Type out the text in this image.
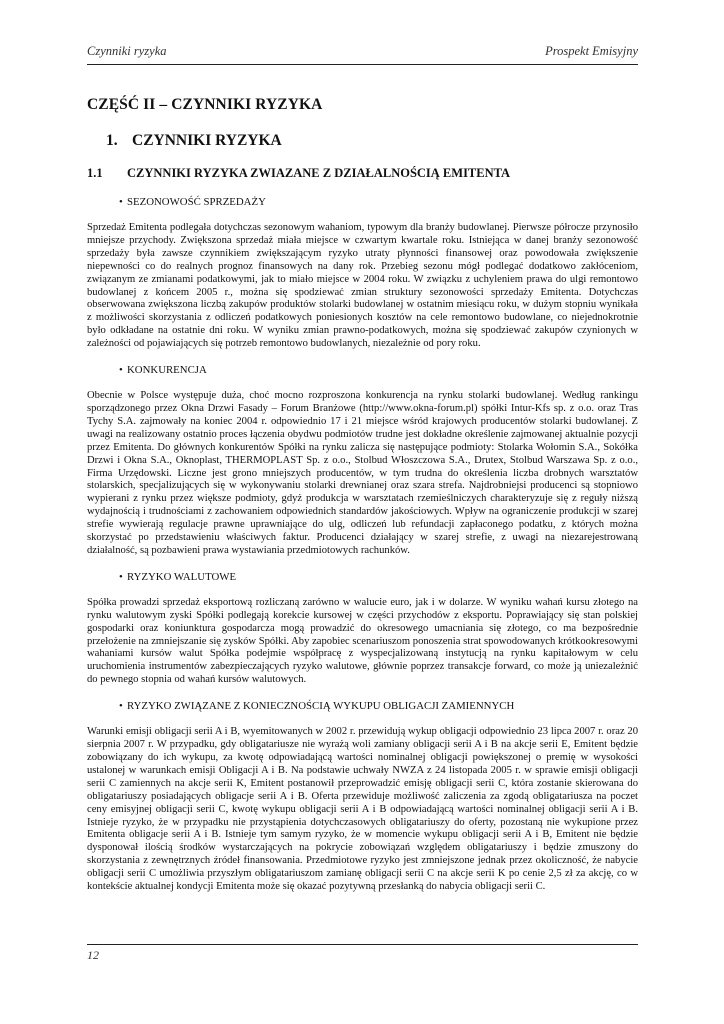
Czynniki ryzyka	Prospekt Emisyjny
CZĘŚĆ II – CZYNNIKI RYZYKA
1. CZYNNIKI RYZYKA
1.1 CZYNNIKI RYZYKA ZWIAZANE Z DZIAŁALNOŚCIĄ EMITENTA
• SEZONOWOŚĆ SPRZEDAŻY

Sprzedaż Emitenta podlegała dotychczas sezonowym wahaniom, typowym dla branży budowlanej. Pierwsze półrocze przynosiło mniejsze przychody. Zwiększona sprzedaż miała miejsce w czwartym kwartale roku. Istniejąca w danej branży sezonowość sprzedaży była zawsze czynnikiem zwiększającym ryzyko utraty płynności finansowej oraz powodowała zwiększenie niepewności co do realnych prognoz finansowych na dany rok. Przebieg sezonu mógł podlegać dodatkowo zakłóceniom, związanym ze zmianami podatkowymi, jak to miało miejsce w 2004 roku. W związku z uchyleniem prawa do ulgi remontowo budowlanej z końcem 2005 r., można się spodziewać zmian struktury sezonowości sprzedaży Emitenta. Dotychczas obserwowana zwiększona liczbą zakupów produktów stolarki budowlanej w ostatnim miesiącu roku, w dużym stopniu wynikała z możliwości skorzystania z odliczeń podatkowych poniesionych kosztów na cele remontowo budowlane, co niejednokrotnie było odkładane na ostatnie dni roku. W wyniku zmian prawno-podatkowych, można się spodziewać zakupów czynionych w zależności od pojawiających się potrzeb remontowo budowlanych, niezależnie od pory roku.

• KONKURENCJA

Obecnie w Polsce występuje duża, choć mocno rozproszona konkurencja na rynku stolarki budowlanej. Według rankingu sporządzonego przez Okna Drzwi Fasady – Forum Branżowe (http://www.okna-forum.pl) spółki Intur-Kfs sp. z o.o. oraz Tras Tychy S.A. zajmowały na koniec 2004 r. odpowiednio 17 i 21 miejsce wśród krajowych producentów stolarki budowlanej. Z uwagi na realizowany ostatnio proces łączenia obydwu podmiotów trudne jest dokładne określenie zajmowanej aktualnie pozycji przez Emitenta. Do głównych konkurentów Spółki na rynku zalicza się następujące podmioty: Stolarka Wołomin S.A., Sokółka Drzwi i Okna S.A., Oknoplast, THERMOPLAST Sp. z o.o., Stolbud Włoszczowa S.A., Drutex, Stolbud Warszawa Sp. z o.o., Firma Urzędowski. Liczne jest grono mniejszych producentów, w tym trudna do określenia liczba drobnych warsztatów stolarskich, specjalizujących się w wykonywaniu stolarki drewnianej oraz szara strefa. Najdrobniejsi producenci są stopniowo wypierani z rynku przez większe podmioty, gdyż produkcja w warsztatach rzemieślniczych charakteryzuje się z reguły niższą wydajnością i trudnościami z zachowaniem odpowiednich standardów jakościowych. Wpływ na ograniczenie produkcji w szarej strefie wywierają regulacje prawne uprawniające do ulg, odliczeń lub refundacji zapłaconego podatku, z których można skorzystać po przedstawieniu właściwych faktur. Producenci działający w szarej strefie, z uwagi na niezarejestrowaną działalność, są pozbawieni prawa wystawiania przedmiotowych rachunków.

• RYZYKO WALUTOWE

Spółka prowadzi sprzedaż eksportową rozliczaną zarówno w walucie euro, jak i w dolarze. W wyniku wahań kursu złotego na rynku walutowym zyski Spółki podlegają korekcie kursowej w części przychodów z eksportu. Poprawiający się stan polskiej gospodarki oraz koniunktura gospodarcza mogą prowadzić do okresowego umacniania się złotego, co ma bezpośrednie przełożenie na zmniejszanie się zysków Spółki. Aby zapobiec scenariuszom ponoszenia strat spowodowanych krótkookresowymi wahaniami kursów walut Spółka podejmie współpracę z wyspecjalizowaną instytucją na rynku kapitałowym w celu uruchomienia instrumentów zabezpieczających ryzyko walutowe, głównie poprzez transakcje forward, co może ją uniezależnić do pewnego stopnia od wahań kursów walutowych.

• RYZYKO ZWIĄZANE Z KONIECZNOŚCIĄ WYKUPU OBLIGACJI ZAMIENNYCH

Warunki emisji obligacji serii A i B, wyemitowanych w 2002 r. przewidują wykup obligacji odpowiednio 23 lipca 2007 r. oraz 20 sierpnia 2007 r. W przypadku, gdy obligatariusze nie wyrażą woli zamiany obligacji serii A i B na akcje serii E, Emitent będzie zobowiązany do ich wykupu, za kwotę odpowiadającą wartości nominalnej obligacji powiększonej o premię w wysokości ustalonej w warunkach emisji Obligacji A i B. Na podstawie uchwały NWZA z 24 listopada 2005 r. w sprawie emisji obligacji serii C zamiennych na akcje serii K, Emitent postanowił przeprowadzić emisję obligacji serii C, która zostanie skierowana do obligatariuszy posiadających obligacje serii A i B. Oferta przewiduje możliwość zaliczenia za zgodą obligatariusza na poczet ceny emisyjnej obligacji serii C, kwotę wykupu obligacji serii A i B odpowiadającą wartości nominalnej obligacji serii A i B. Istnieje ryzyko, że w przypadku nie przystąpienia dotychczasowych obligatariuszy do oferty, pozostaną nie wykupione przez Emitenta obligacje serii A i B. Istnieje tym samym ryzyko, że w momencie wykupu obligacji serii A i B, Emitent nie będzie dysponował ilością środków wystarczających na pokrycie zobowiązań względem obligatariuszy i będzie zmuszony do skorzystania z zewnętrznych źródeł finansowania. Przedmiotowe ryzyko jest zmniejszone jednak przez okoliczność, że nabycie obligacji serii C umożliwia przyszłym obligatariuszom zamianę obligacji serii C na akcje serii K po cenie 2,5 zł za akcję, co w kontekście aktualnej kondycji Emitenta może się okazać pozytywną przesłanką do nabycia obligacji serii C.

12
